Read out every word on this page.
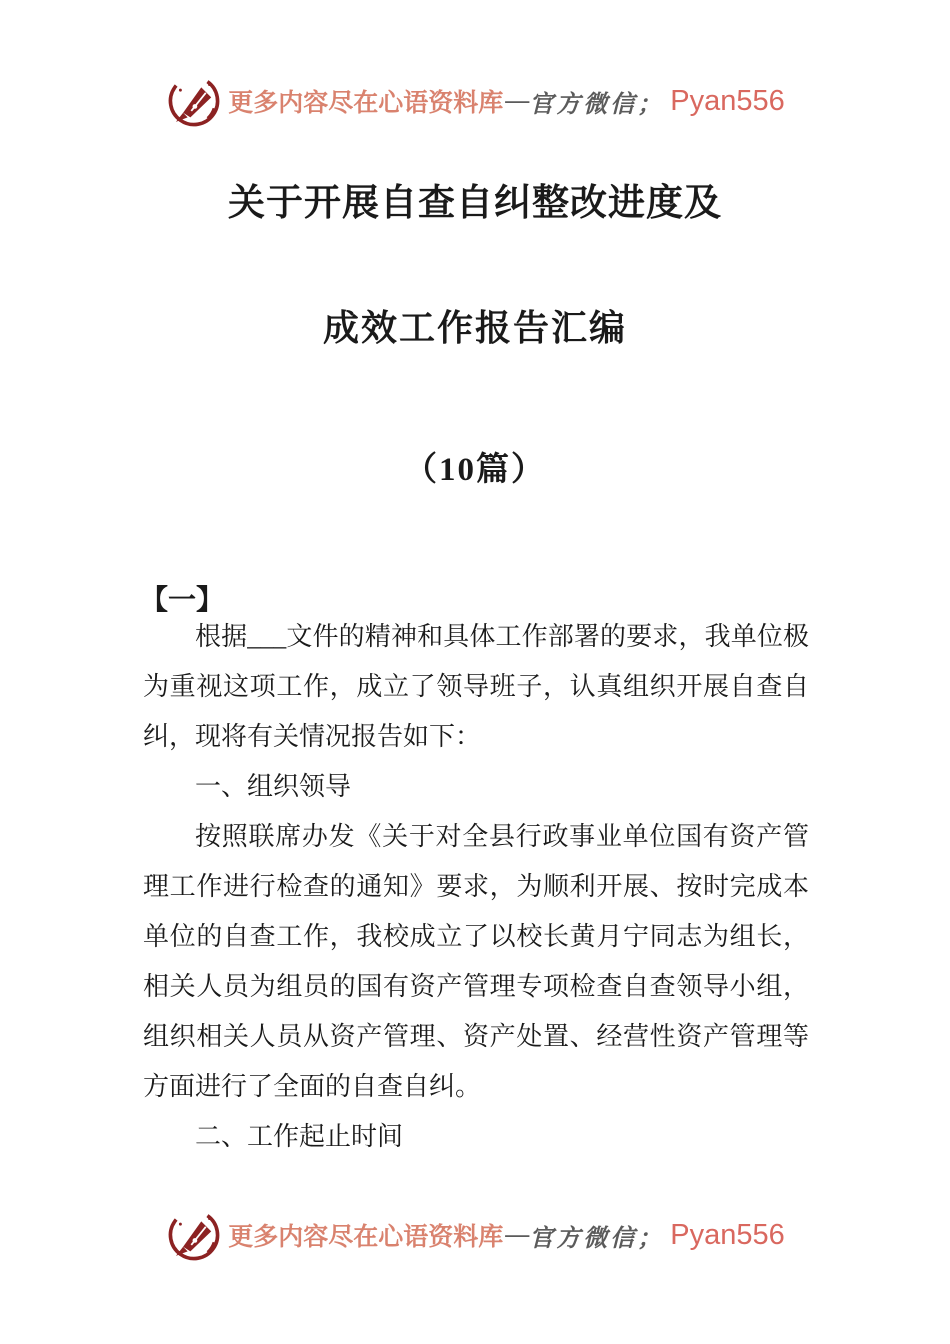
更多内容尽在心语资料库 — 官方微信； Pyan556
关于开展自查自纠整改进度及
成效工作报告汇编
（10篇）
【一】

根据___文件的精神和具体工作部署的要求，我单位极为重视这项工作，成立了领导班子，认真组织开展自查自纠，现将有关情况报告如下：

一、组织领导

按照联席办发《关于对全县行政事业单位国有资产管理工作进行检查的通知》要求，为顺利开展、按时完成本单位的自查工作，我校成立了以校长黄月宁同志为组长，相关人员为组员的国有资产管理专项检查自查领导小组，组织相关人员从资产管理、资产处置、经营性资产管理等方面进行了全面的自查自纠。

二、工作起止时间

更多内容尽在心语资料库 — 官方微信； Pyan556
